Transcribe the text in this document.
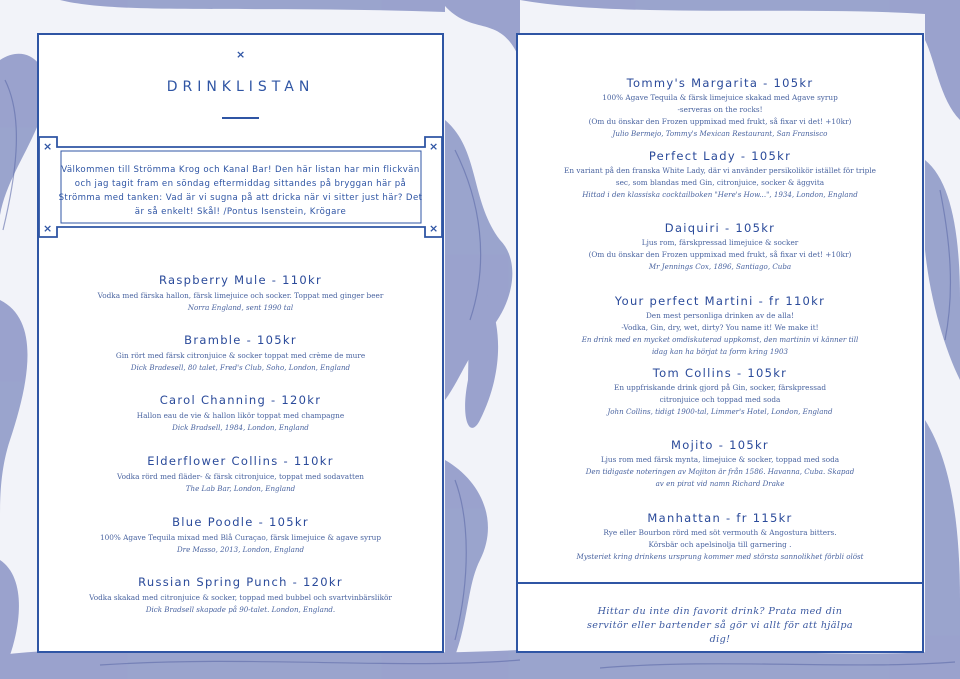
×
DRINKLISTAN
×	×
×	×
Välkommen till Strömma Krog och Kanal Bar! Den här listan har min flickvän och jag tagit fram en söndag eftermiddag sittandes på bryggan här på Strömma med tanken: Vad är vi sugna på att dricka när vi sitter just här? Det är så enkelt! Skål! /Pontus Isenstein, Krögare
Raspberry Mule - 110kr
Vodka med färska hallon, färsk limejuice och socker. Toppat med ginger beer
Norra England, sent 1990 tal
Bramble - 105kr
Gin rört med färsk citronjuice & socker toppat med crème de mure
Dick Bradesell, 80 talet, Fred's Club, Soho, London, England
Carol Channing - 120kr
Hallon eau de vie & hallon likör toppat med champagne
Dick Bradsell, 1984, London, England
Elderflower Collins - 110kr
Vodka rörd med fläder- & färsk citronjuice, toppat med sodavatten
The Lab Bar, London, England
Blue Poodle - 105kr
100% Agave Tequila mixad med Blå Curaçao, färsk limejuice & agave syrup
Dre Masso, 2013, London, England
Russian Spring Punch - 120kr
Vodka skakad med citronjuice & socker, toppad med bubbel och svartvinbärslikör
Dick Bradsell skapade på 90-talet. London, England.
Tommy's Margarita - 105kr
100% Agave Tequila & färsk limejuice skakad med Agave syrup
-serveras on the rocks!
(Om du önskar den Frozen uppmixad med frukt, så fixar vi det! +10kr)
Julio Bermejo, Tommy's Mexican Restaurant, San Fransisco
Perfect Lady - 105kr
En variant på den franska White Lady, där vi använder persikolikör istället för triple
sec, som blandas med Gin, citronjuice, socker & äggvita
Hittad i den klassiska cocktailboken "Here's How...", 1934, London, England
Daiquiri - 105kr
Ljus rom, färskpressad limejuice & socker
(Om du önskar den Frozen uppmixad med frukt, så fixar vi det! +10kr)
Mr Jennings Cox, 1896, Santiago, Cuba
Your perfect Martini - fr 110kr
Den mest personliga drinken av de alla!
-Vodka, Gin, dry, wet, dirty? You name it! We make it!
En drink med en mycket omdiskuterad uppkomst, den martinin vi känner till
idag kan ha börjat ta form kring 1903
Tom Collins - 105kr
En uppfriskande drink gjord på Gin, socker, färskpressad
citronjuice och toppad med soda
John Collins, tidigt 1900-tal, Limmer's Hotel, London, England
Mojito - 105kr
Ljus rom med färsk mynta, limejuice & socker, toppad med soda
Den tidigaste noteringen av Mojiton är från 1586. Havanna, Cuba. Skapad
av en pirat vid namn Richard Drake
Manhattan - fr 115kr
Rye eller Bourbon rörd med söt vermouth & Angostura bitters.
Körsbär och apelsinolja till garnering .
Mysteriet kring drinkens ursprung kommer med största sannolikhet förbli olöst
Hittar du inte din favorit drink? Prata med din servitör eller bartender så gör vi allt för att hjälpa dig!
